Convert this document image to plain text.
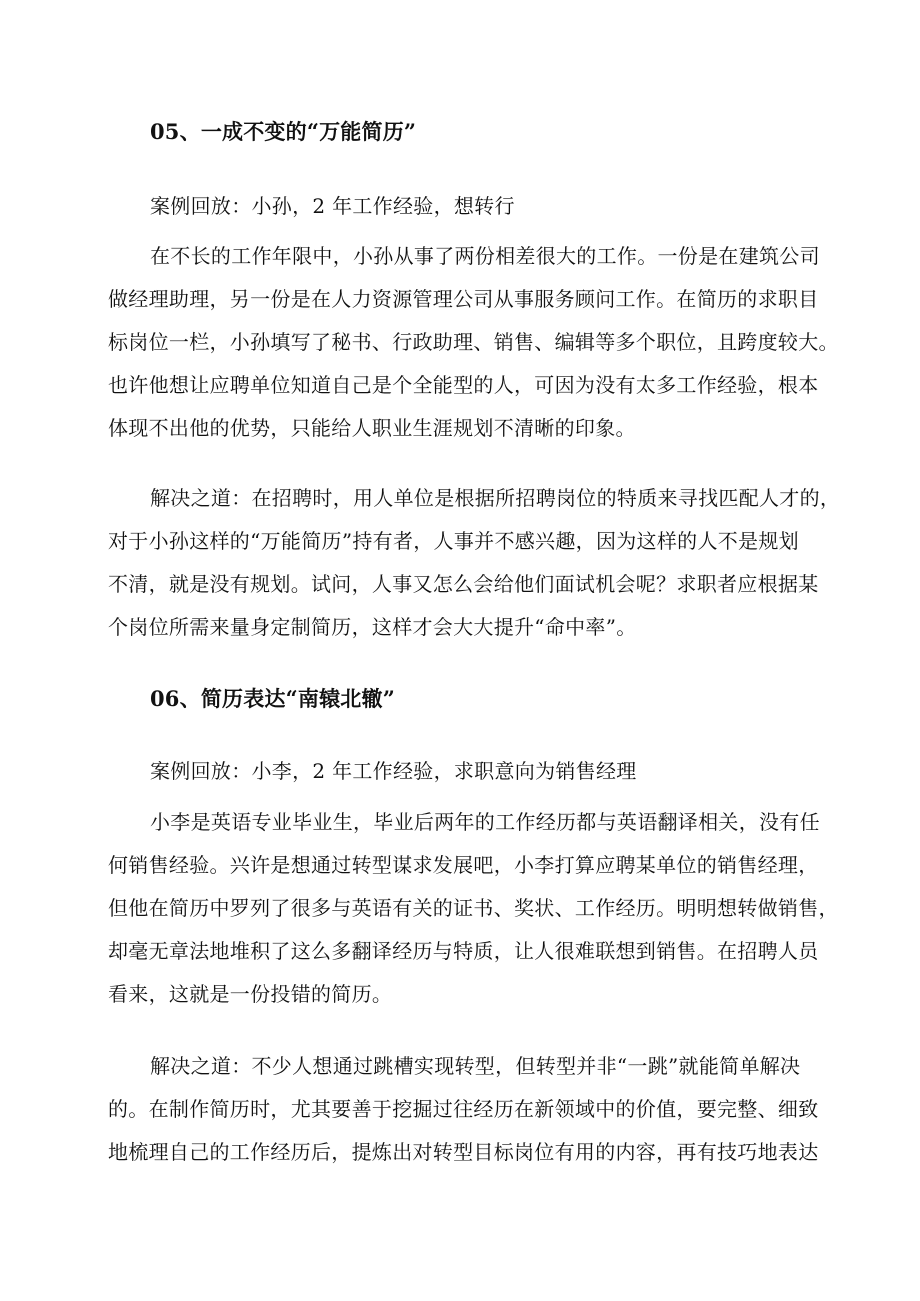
05、一成不变的“万能简历”
案例回放：小孙，2 年工作经验，想转行
在不长的工作年限中，小孙从事了两份相差很大的工作。一份是在建筑公司
做经理助理，另一份是在人力资源管理公司从事服务顾问工作。在简历的求职目
标岗位一栏，小孙填写了秘书、行政助理、销售、编辑等多个职位，且跨度较大。
也许他想让应聘单位知道自己是个全能型的人，可因为没有太多工作经验，根本
体现不出他的优势，只能给人职业生涯规划不清晰的印象。
解决之道：在招聘时，用人单位是根据所招聘岗位的特质来寻找匹配人才的，
对于小孙这样的“万能简历”持有者，人事并不感兴趣，因为这样的人不是规划
不清，就是没有规划。试问，人事又怎么会给他们面试机会呢？求职者应根据某
个岗位所需来量身定制简历，这样才会大大提升“命中率”。
06、简历表达“南辕北辙”
案例回放：小李，2 年工作经验，求职意向为销售经理
小李是英语专业毕业生，毕业后两年的工作经历都与英语翻译相关，没有任
何销售经验。兴许是想通过转型谋求发展吧，小李打算应聘某单位的销售经理，
但他在简历中罗列了很多与英语有关的证书、奖状、工作经历。明明想转做销售，
却毫无章法地堆积了这么多翻译经历与特质，让人很难联想到销售。在招聘人员
看来，这就是一份投错的简历。
解决之道：不少人想通过跳槽实现转型，但转型并非“一跳”就能简单解决
的。在制作简历时，尤其要善于挖掘过往经历在新领域中的价值，要完整、细致
地梳理自己的工作经历后，提炼出对转型目标岗位有用的内容，再有技巧地表达
